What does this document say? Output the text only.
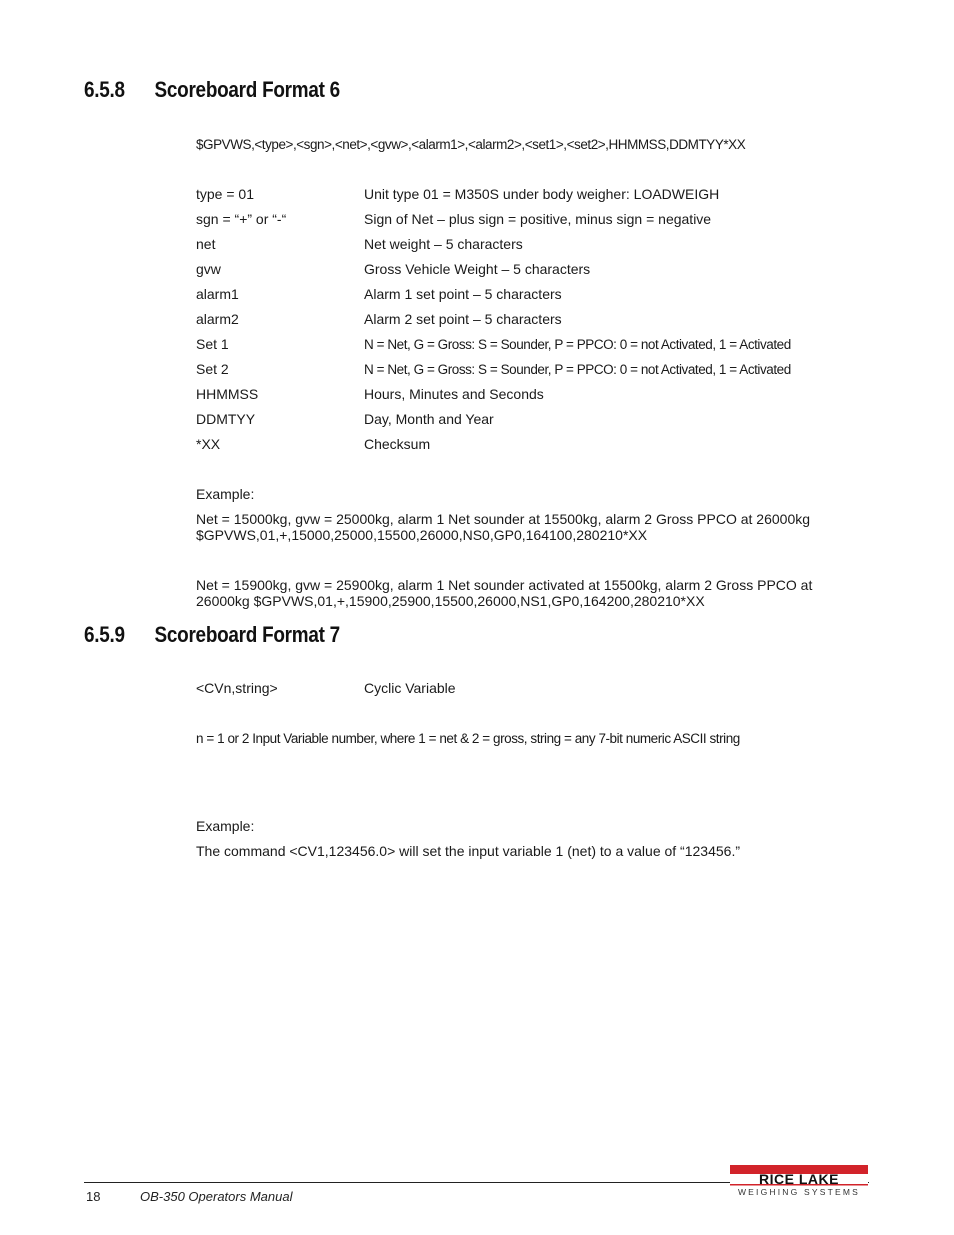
6.5.8 Scoreboard Format 6
$GPVWS,<type>,<sgn>,<net>,<gvw>,<alarm1>,<alarm2>,<set1>,<set2>,HHMMSS,DDMTYY*XX
type = 01	Unit type 01 = M350S under body weigher: LOADWEIGH
sgn = “+” or “-“	Sign of Net – plus sign = positive, minus sign = negative
net	Net weight – 5 characters
gvw	Gross Vehicle Weight – 5 characters
alarm1	Alarm 1 set point – 5 characters
alarm2	Alarm 2 set point – 5 characters
Set 1	N = Net, G = Gross: S = Sounder, P = PPCO: 0 = not Activated, 1 = Activated
Set 2	N = Net, G = Gross: S = Sounder, P = PPCO: 0 = not Activated, 1 = Activated
HHMMSS	Hours, Minutes and Seconds
DDMTYY	Day, Month and Year
*XX	Checksum
Example:
Net = 15000kg, gvw = 25000kg, alarm 1 Net sounder at 15500kg, alarm 2 Gross PPCO at 26000kg
$GPVWS,01,+,15000,25000,15500,26000,NS0,GP0,164100,280210*XX
Net = 15900kg, gvw = 25900kg, alarm 1 Net sounder activated at 15500kg, alarm 2 Gross PPCO at
26000kg $GPVWS,01,+,15900,25900,15500,26000,NS1,GP0,164200,280210*XX
6.5.9 Scoreboard Format 7
<CVn,string>	Cyclic Variable
n = 1 or 2 Input Variable number, where 1 = net & 2 = gross, string = any 7-bit numeric ASCII string
Example:
The command <CV1,123456.0> will set the input variable 1 (net) to a value of “123456.”
18	OB-350 Operators Manual
RICE LAKE
WEIGHING SYSTEMS
